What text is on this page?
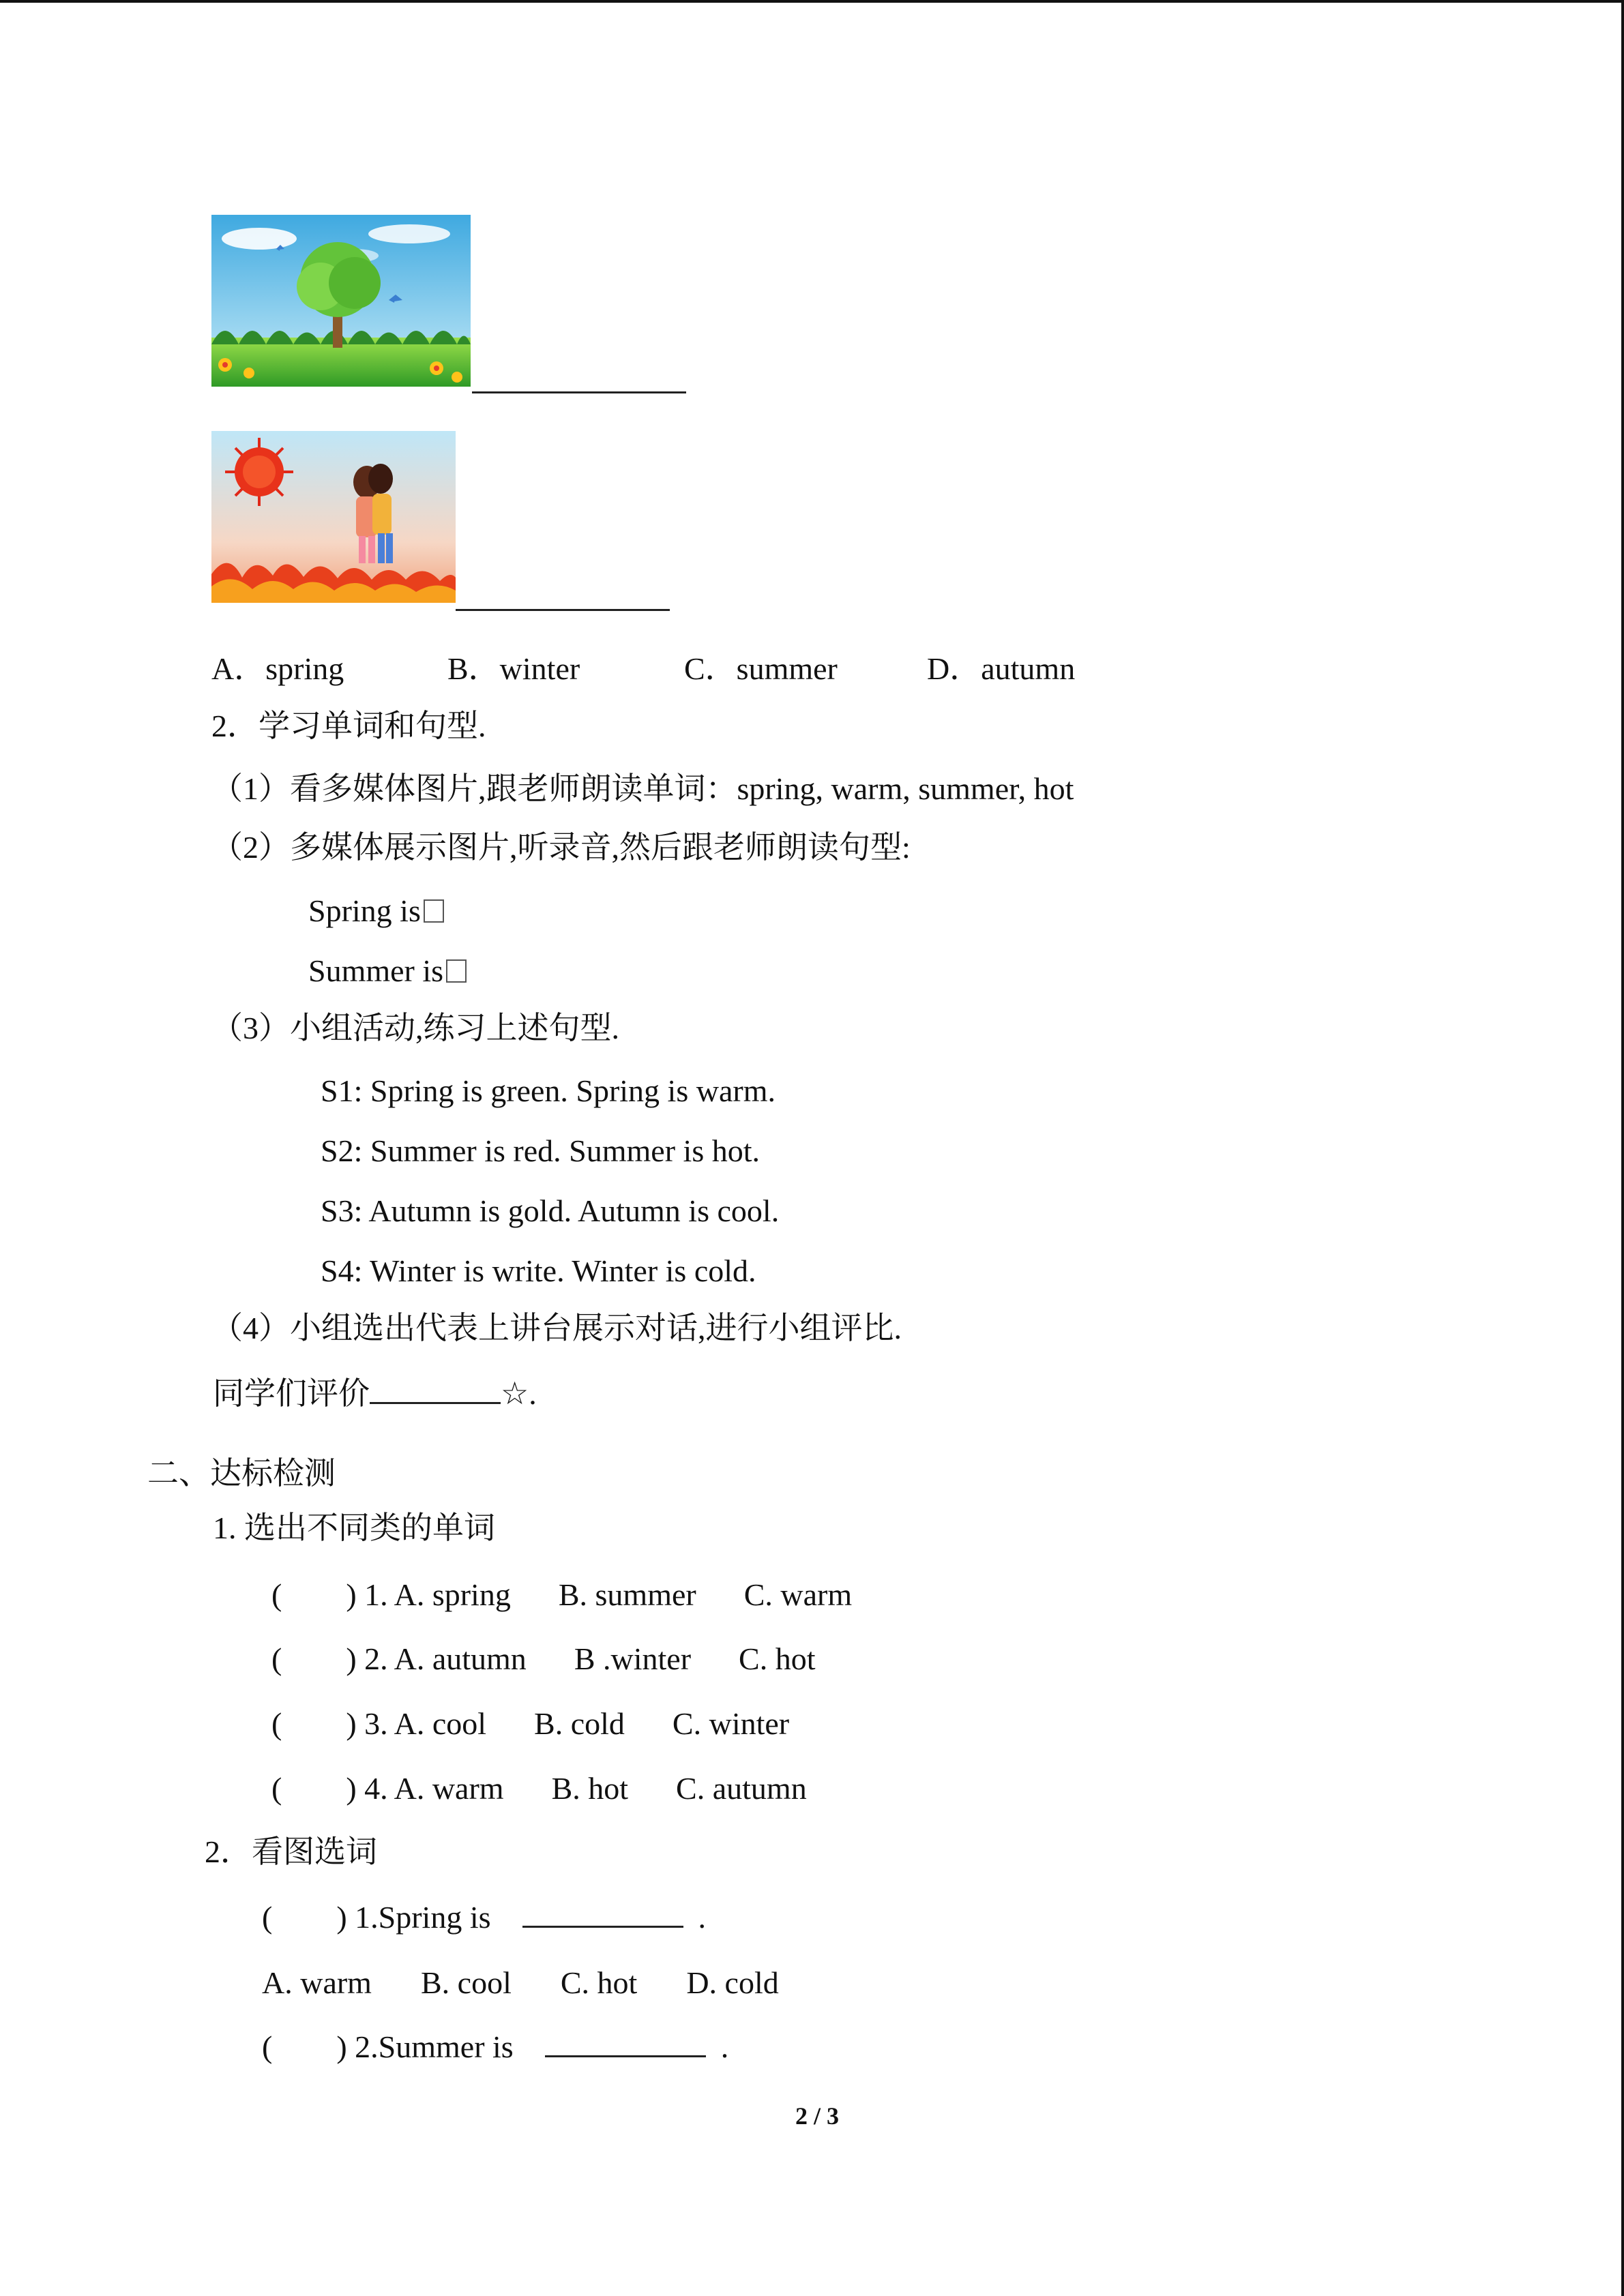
A．spring	B．winter	C．summer	D．autumn
2．学习单词和句型.
（1）看多媒体图片,跟老师朗读单词：spring, warm, summer, hot
（2）多媒体展示图片,听录音,然后跟老师朗读句型:
Spring is
Summer is
（3）小组活动,练习上述句型.
S1: Spring is green. Spring is warm.
S2: Summer is red. Summer is hot.
S3: Autumn is gold. Autumn is cool.
S4: Winter is write. Winter is cold.
（4）小组选出代表上讲台展示对话,进行小组评比.
同学们评价	☆.
二、达标检测
1. 选出不同类的单词
( ) 1. A. spring B. summer C. warm
( ) 2. A. autumn B .winter C. hot
( ) 3. A. cool B. cold C. winter
( ) 4. A. warm B. hot C. autumn
2．看图选词
( ) 1.Spring is	.
A. warm B. cool C. hot D. cold
( ) 2.Summer is	.
2 / 3
